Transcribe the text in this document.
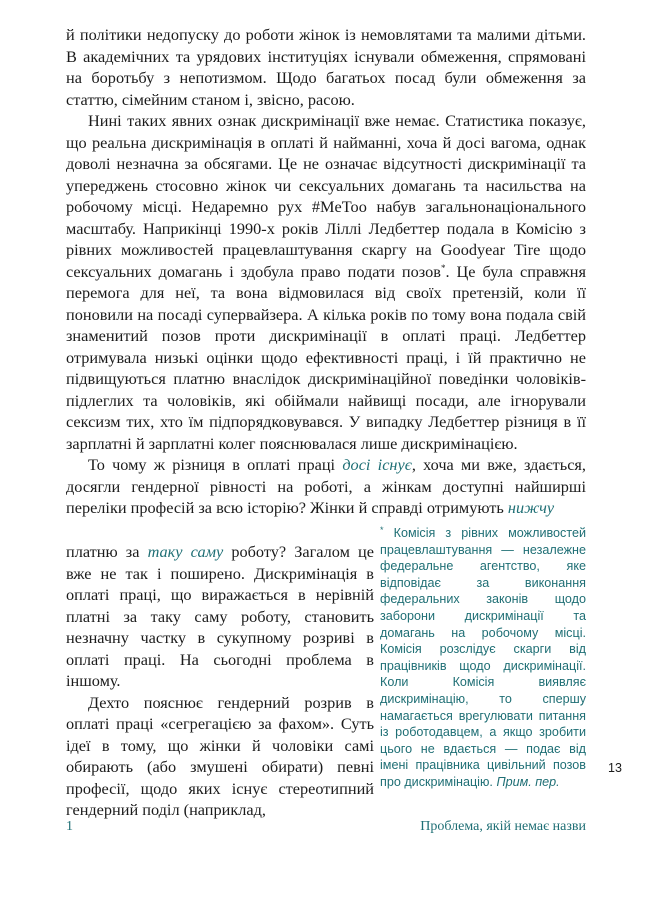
й політики недопуску до роботи жінок із немовлятами та малими дітьми. В академічних та урядових інституціях існували обмеження, спрямовані на боротьбу з непотизмом. Щодо багатьох посад були обмеження за статтю, сімейним станом і, звісно, расою.

Нині таких явних ознак дискримінації вже немає. Статистика показує, що реальна дискримінація в оплаті й найманні, хоча й досі вагома, однак доволі незначна за обсягами. Це не означає відсутності дискримінації та упереджень стосовно жінок чи сексуальних домагань та насильства на робочому місці. Недаремно рух #MeToo набув загальнонаціонального масштабу. Наприкінці 1990-х років Ліллі Ледбеттер подала в Комісію з рівних можливостей працевлаштування скаргу на Goodyear Tire щодо сексуальних домагань і здобула право подати позов*. Це була справжня перемога для неї, та вона відмовилася від своїх претензій, коли її поновили на посаді супервайзера. А кілька років по тому вона подала свій знаменитий позов проти дискримінації в оплаті праці. Ледбеттер отримувала низькі оцінки щодо ефективності праці, і їй практично не підвищуються платню внаслідок дискримінаційної поведінки чоловіків-підлеглих та чоловіків, які обіймали найвищі посади, але ігнорували сексизм тих, хто їм підпорядковувався. У випадку Ледбеттер різниця в її зарплатні й зарплатні колег пояснювалася лише дискримінацією.

То чому ж різниця в оплаті праці досі існує, хоча ми вже, здається, досягли гендерної рівності на роботі, а жінкам доступні найширші переліки професій за всю історію? Жінки й справді отримують нижчу

платню за таку саму роботу? Загалом це вже не так і поширено. Дискримінація в оплаті праці, що виражається в нерівній платні за таку саму роботу, становить незначну частку в сукупному розриві в оплаті праці. На сьогодні проблема в іншому.

Дехто пояснює гендерний розрив в оплаті праці «сегрегацією за фахом». Суть ідеї в тому, що жінки й чоловіки самі обирають (або змушені обирати) певні професії, щодо яких існує стереотипний гендерний поділ (наприклад,

* Комісія з рівних можливостей працевлаштування — незалежне федеральне агентство, яке відповідає за виконання федеральних законів щодо заборони дискримінації та домагань на робочому місці. Комісія розслідує скарги від працівників щодо дискримінації. Коли Комісія виявляє дискримінацію, то спершу намагається врегулювати питання із роботодавцем, а якщо зробити цього не вдається — подає від імені працівника цивільний позов про дискримінацію. Прим. пер.
13
1	Проблема, якій немає назви
